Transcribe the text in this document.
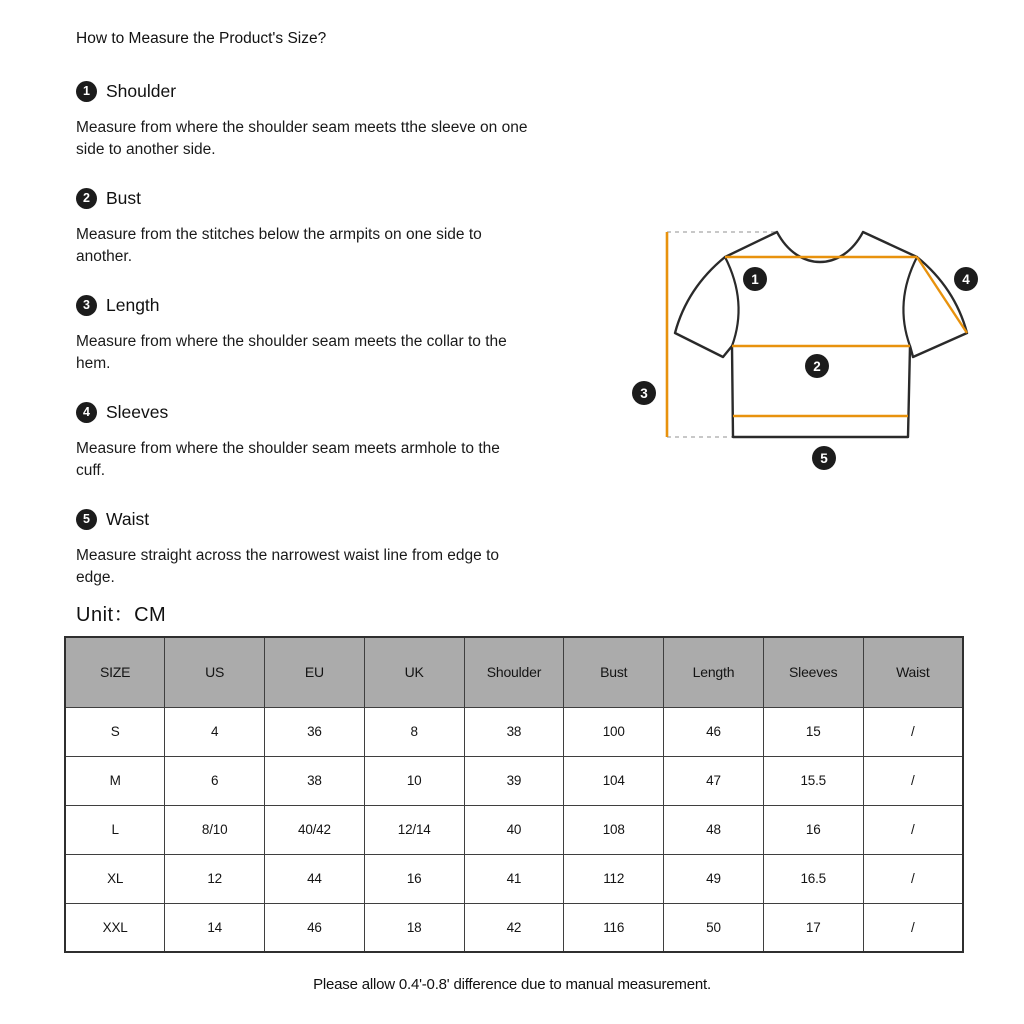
How to Measure the Product's Size?
1 Shoulder

Measure from where the shoulder seam meets tthe sleeve on one
side to another side.

2 Bust

Measure from the stitches below the armpits on one side to
another.

3 Length

Measure from where the shoulder seam meets the collar to the
hem.

4 Sleeves

Measure from where the shoulder seam meets armhole to the
cuff.

5 Waist

Measure straight across the narrowest waist line from edge to
edge.

1
2
3
4
5
Unit：CM
SIZE	US	EU	UK	Shoulder	Bust	Length	Sleeves	Waist
S	4	36	8	38	100	46	15	/
M	6	38	10	39	104	47	15.5	/
L	8/10	40/42	12/14	40	108	48	16	/
XL	12	44	16	41	112	49	16.5	/
XXL	14	46	18	42	116	50	17	/
Please allow 0.4'-0.8' difference due to manual measurement.
